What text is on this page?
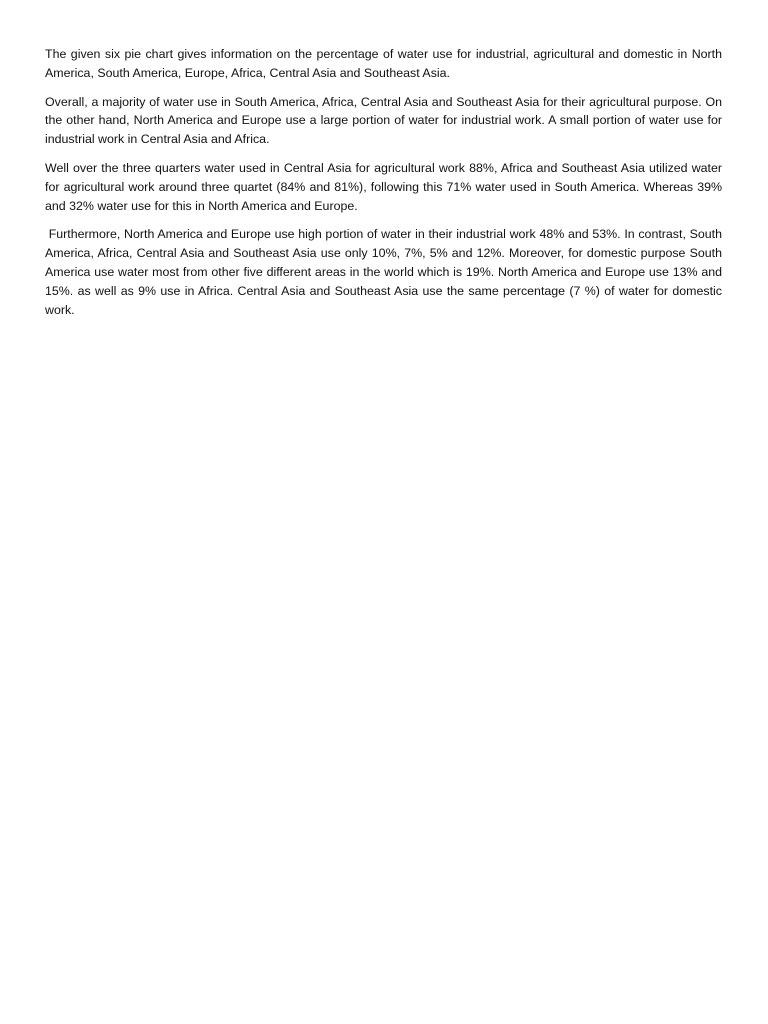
The given six pie chart gives information on the percentage of water use for industrial, agricultural and domestic in North America, South America, Europe, Africa, Central Asia and Southeast Asia.

Overall, a majority of water use in South America, Africa, Central Asia and Southeast Asia for their agricultural purpose. On the other hand, North America and Europe use a large portion of water for industrial work. A small portion of water use for industrial work in Central Asia and Africa.

Well over the three quarters water used in Central Asia for agricultural work 88%, Africa and Southeast Asia utilized water for agricultural work around three quartet (84% and 81%), following this 71% water used in South America. Whereas 39% and 32% water use for this in North America and Europe.

Furthermore, North America and Europe use high portion of water in their industrial work 48% and 53%. In contrast, South America, Africa, Central Asia and Southeast Asia use only 10%, 7%, 5% and 12%. Moreover, for domestic purpose South America use water most from other five different areas in the world which is 19%. North America and Europe use 13% and 15%. as well as 9% use in Africa. Central Asia and Southeast Asia use the same percentage (7 %) of water for domestic work.
